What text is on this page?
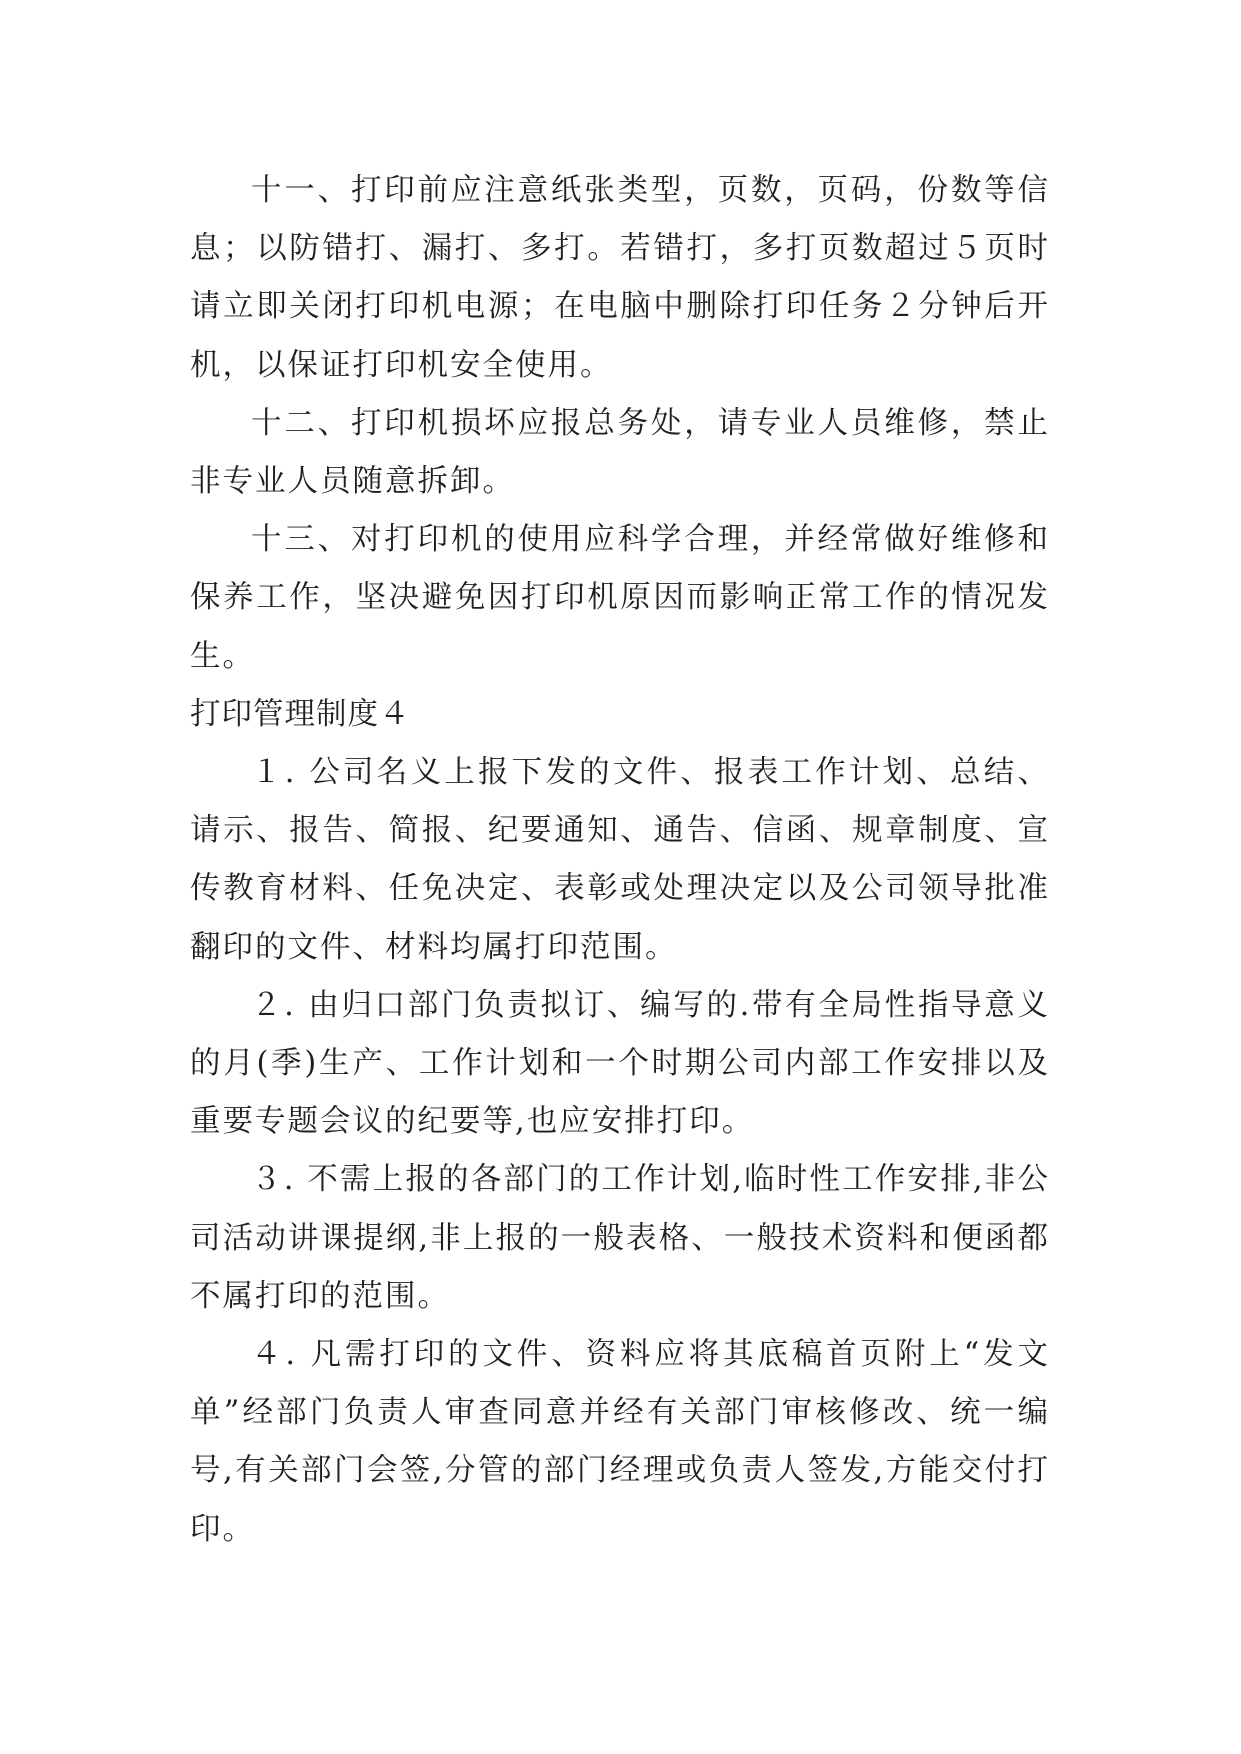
十一、打印前应注意纸张类型，页数，页码，份数等信息；以防错打、漏打、多打。若错打，多打页数超过５页时请立即关闭打印机电源；在电脑中删除打印任务２分钟后开机，以保证打印机安全使用。

十二、打印机损坏应报总务处，请专业人员维修，禁止非专业人员随意拆卸。

十三、对打印机的使用应科学合理，并经常做好维修和保养工作，坚决避免因打印机原因而影响正常工作的情况发生。

打印管理制度４

１. 公司名义上报下发的文件、报表工作计划、总结、请示、报告、简报、纪要通知、通告、信函、规章制度、宣传教育材料、任免决定、表彰或处理决定以及公司领导批准翻印的文件、材料均属打印范围。

２. 由归口部门负责拟订、编写的.带有全局性指导意义的月(季)生产、工作计划和一个时期公司内部工作安排以及重要专题会议的纪要等,也应安排打印。

３. 不需上报的各部门的工作计划,临时性工作安排,非公司活动讲课提纲,非上报的一般表格、一般技术资料和便函都不属打印的范围。

４. 凡需打印的文件、资料应将其底稿首页附上“发文单”经部门负责人审查同意并经有关部门审核修改、统一编号,有关部门会签,分管的部门经理或负责人签发,方能交付打印。
